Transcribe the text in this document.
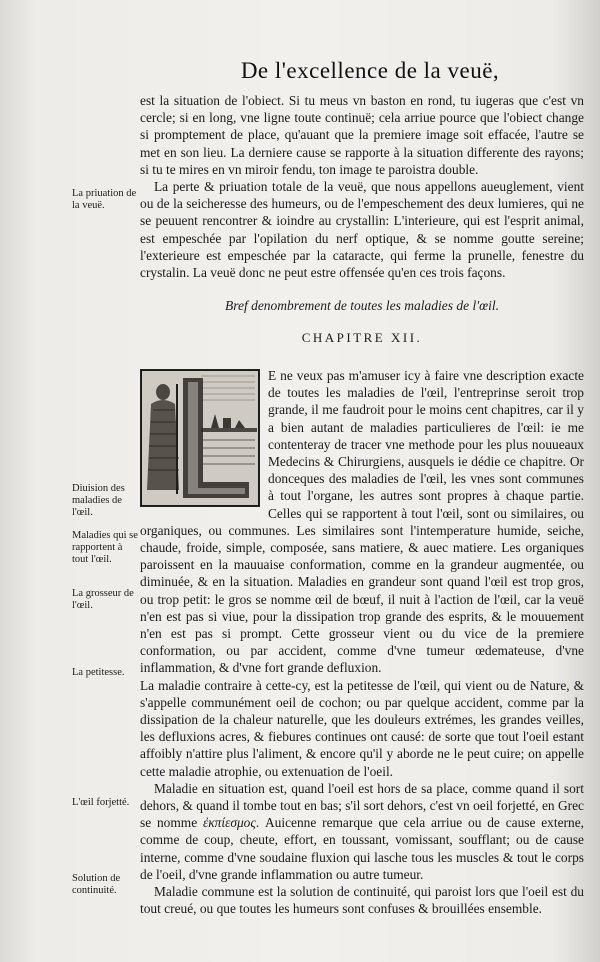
De l'excellence de la veuë,

est la situation de l'obiect. Si tu meus vn baston en rond, tu iugeras que c'est vn cercle; si en long, vne ligne toute continuë; cela arriue pource que l'obiect change si promptement de place, qu'auant que la premiere image soit effacée, l'autre se met en son lieu. La derniere cause se rapporte à la situation differente des rayons; si tu te mires en vn miroir fendu, ton image te paroistra double.

La perte & priuation totale de la veuë, que nous appellons aueuglement, vient ou de la seicheresse des humeurs, ou de l'empeschement des deux lumieres, qui ne se peuuent rencontrer & ioindre au crystallin: L'interieure, qui est l'esprit animal, est empeschée par l'opilation du nerf optique, & se nomme goutte sereine; l'exterieure est empeschée par la cataracte, qui ferme la prunelle, fenestre du crystalin. La veuë donc ne peut estre offensée qu'en ces trois façons.

Bref denombrement de toutes les maladies de l'œil.
CHAPITRE XII.

E ne veux pas m'amuser icy à faire vne description exacte de toutes les maladies de l'œil, l'entreprinse seroit trop grande, il me faudroit pour le moins cent chapitres, car il y a bien autant de maladies particulieres de l'œil: ie me contenteray de tracer vne methode pour les plus nouueaux Medecins & Chirurgiens, ausquels ie dédie ce chapitre. Or donceques des maladies de l'œil, les vnes sont communes à tout l'organe, les autres sont propres à chaque partie. Celles qui se rapportent à tout l'œil, sont ou similaires, ou organiques, ou communes. Les similaires sont l'intemperature humide, seiche, chaude, froide, simple, composée, sans matiere, & auec matiere. Les organiques paroissent en la mauuaise conformation, comme en la grandeur augmentée, ou diminuée, & en la situation. Maladies en grandeur sont quand l'œil est trop gros, ou trop petit: le gros se nomme œil de bœuf, il nuit à l'action de l'œil, car la veuë n'en est pas si viue, pour la dissipation trop grande des esprits, & le mouuement n'en est pas si prompt. Cette grosseur vient ou du vice de la premiere conformation, ou par accident, comme d'vne tumeur œdemateuse, d'vne inflammation, & d'vne fort grande defluxion.

La maladie contraire à cette-cy, est la petitesse de l'œil, qui vient ou de Nature, & s'appelle communément oeil de cochon; ou par quelque accident, comme par la dissipation de la chaleur naturelle, que les douleurs extrémes, les grandes veilles, les defluxions acres, & fiebures continues ont causé: de sorte que tout l'oeil estant affoibly n'attire plus l'aliment, & encore qu'il y aborde ne le peut cuire; on appelle cette maladie atrophie, ou extenuation de l'oeil.

Maladie en situation est, quand l'oeil est hors de sa place, comme quand il sort dehors, & quand il tombe tout en bas; s'il sort dehors, c'est vn oeil forjetté, en Grec se nomme ἐκπίεσμος. Auicenne remarque que cela arriue ou de cause externe, comme de coup, cheute, effort, en toussant, vomissant, soufflant; ou de cause interne, comme d'vne soudaine fluxion qui lasche tous les muscles & tout le corps de l'oeil, d'vne grande inflammation ou autre tumeur.

Maladie commune est la solution de continuité, qui paroist lors que l'oeil est du tout creué, ou que toutes les humeurs sont confuses & brouillées ensemble.

La priuation de la veuë.
Diuision des maladies de l'œil.
Maladies qui se rapportent à tout l'œil.
La grosseur de l'œil.
La petitesse.
L'œil forjetté.
Solution de continuité.
